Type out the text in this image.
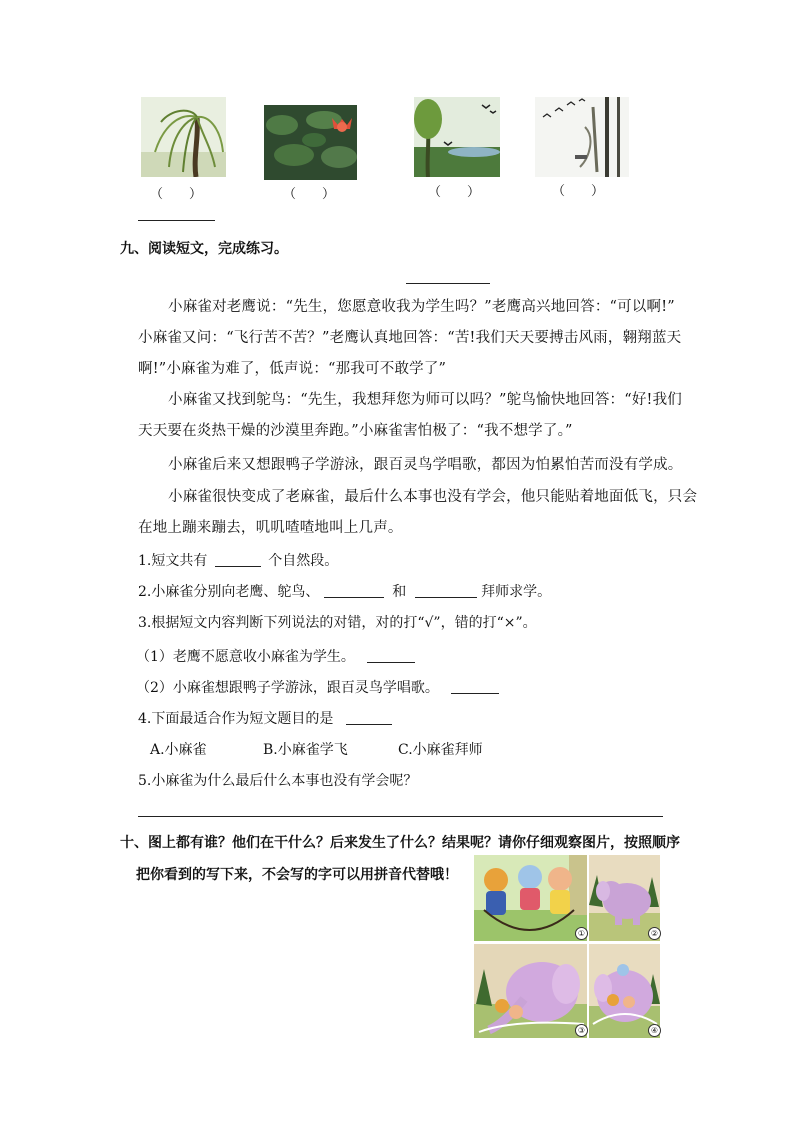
（　　）	（　　）	（　　）	（　　）
九、阅读短文，完成练习。
小麻雀对老鹰说：“先生，您愿意收我为学生吗？”老鹰高兴地回答：“可以啊!”
小麻雀又问：“飞行苦不苦？”老鹰认真地回答：“苦!我们天天要搏击风雨，翱翔蓝天
啊!”小麻雀为难了，低声说：“那我可不敢学了”
小麻雀又找到鸵鸟：“先生，我想拜您为师可以吗？”鸵鸟愉快地回答：“好!我们
天天要在炎热干燥的沙漠里奔跑。”小麻雀害怕极了：“我不想学了。”
小麻雀后来又想跟鸭子学游泳，跟百灵鸟学唱歌，都因为怕累怕苦而没有学成。
小麻雀很快变成了老麻雀，最后什么本事也没有学会，他只能贴着地面低飞，只会
在地上蹦来蹦去，叽叽喳喳地叫上几声。
1.短文共有	个自然段。
2.小麻雀分别向老鹰、鸵鸟、	和	拜师求学。
3.根据短文内容判断下列说法的对错，对的打“√”，错的打“×”。
（1）老鹰不愿意收小麻雀为学生。
（2）小麻雀想跟鸭子学游泳，跟百灵鸟学唱歌。
4.下面最适合作为短文题目的是
A.小麻雀	B.小麻雀学飞	C.小麻雀拜师
5.小麻雀为什么最后什么本事也没有学会呢？
十、图上都有谁？他们在干什么？后来发生了什么？结果呢？请你仔细观察图片，按照顺序
把你看到的写下来，不会写的字可以用拼音代替哦！
①	②
③	④
